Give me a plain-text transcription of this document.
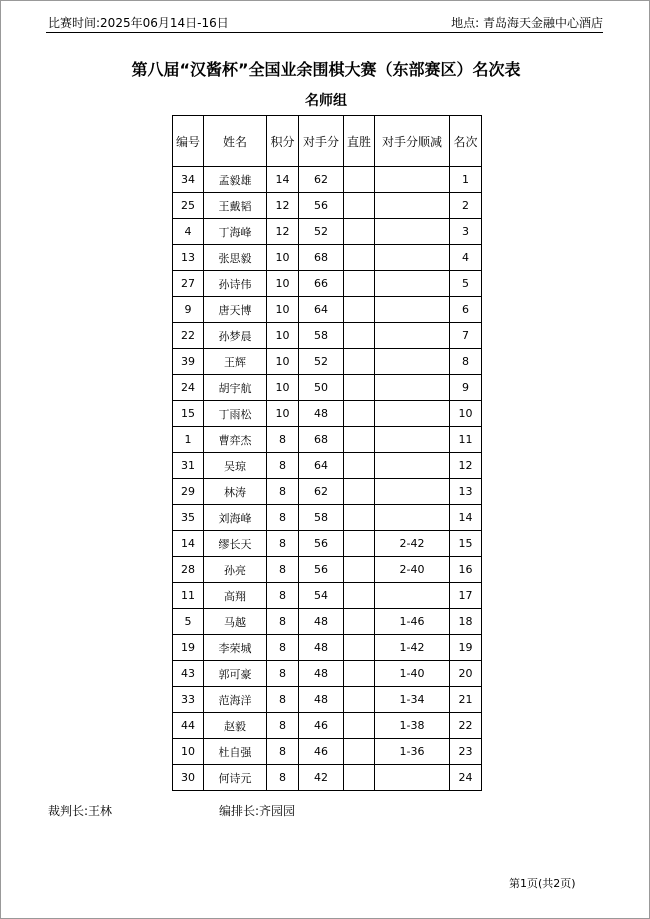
比赛时间:2025年06月14日-16日	地点: 青岛海天金融中心酒店
第八届“汉酱杯”全国业余围棋大赛（东部赛区）名次表
名师组
编号	姓名	积分	对手分	直胜	对手分顺减	名次
34	孟毅雄	14	62			1
25	王戴韬	12	56			2
4	丁海峰	12	52			3
13	张思毅	10	68			4
27	孙诗伟	10	66			5
9	唐天博	10	64			6
22	孙梦晨	10	58			7
39	王辉	10	52			8
24	胡宇航	10	50			9
15	丁雨松	10	48			10
1	曹弈杰	8	68			11
31	吴琼	8	64			12
29	林涛	8	62			13
35	刘海峰	8	58			14
14	缪长天	8	56		2-42	15
28	孙亮	8	56		2-40	16
11	高翔	8	54			17
5	马越	8	48		1-46	18
19	李荣城	8	48		1-42	19
43	郭可豪	8	48		1-40	20
33	范海洋	8	48		1-34	21
44	赵毅	8	46		1-38	22
10	杜自强	8	46		1-36	23
30	何诗元	8	42			24
裁判长:王林	编排长:齐园园
第1页(共2页)
